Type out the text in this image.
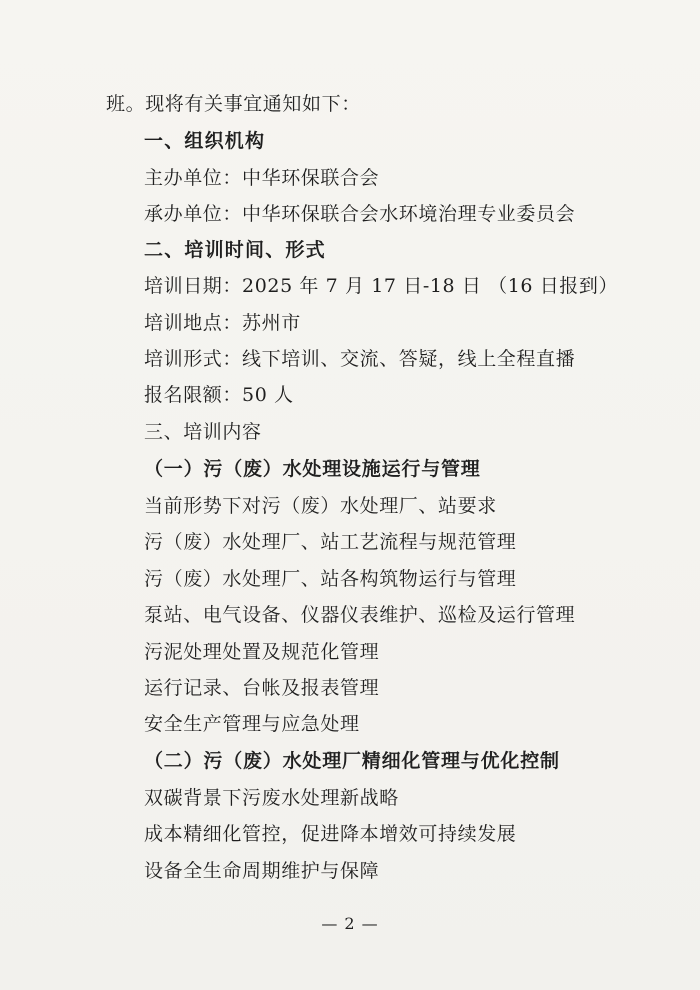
班。现将有关事宜通知如下：
一、组织机构
主办单位：中华环保联合会
承办单位：中华环保联合会水环境治理专业委员会
二、培训时间、形式
培训日期：2025 年 7 月 17 日-18 日 （16 日报到）
培训地点：苏州市
培训形式：线下培训、交流、答疑，线上全程直播
报名限额：50 人
三、培训内容
（一）污（废）水处理设施运行与管理
当前形势下对污（废）水处理厂、站要求
污（废）水处理厂、站工艺流程与规范管理
污（废）水处理厂、站各构筑物运行与管理
泵站、电气设备、仪器仪表维护、巡检及运行管理
污泥处理处置及规范化管理
运行记录、台帐及报表管理
安全生产管理与应急处理
（二）污（废）水处理厂精细化管理与优化控制
双碳背景下污废水处理新战略
成本精细化管控，促进降本增效可持续发展
设备全生命周期维护与保障
— 2 —
